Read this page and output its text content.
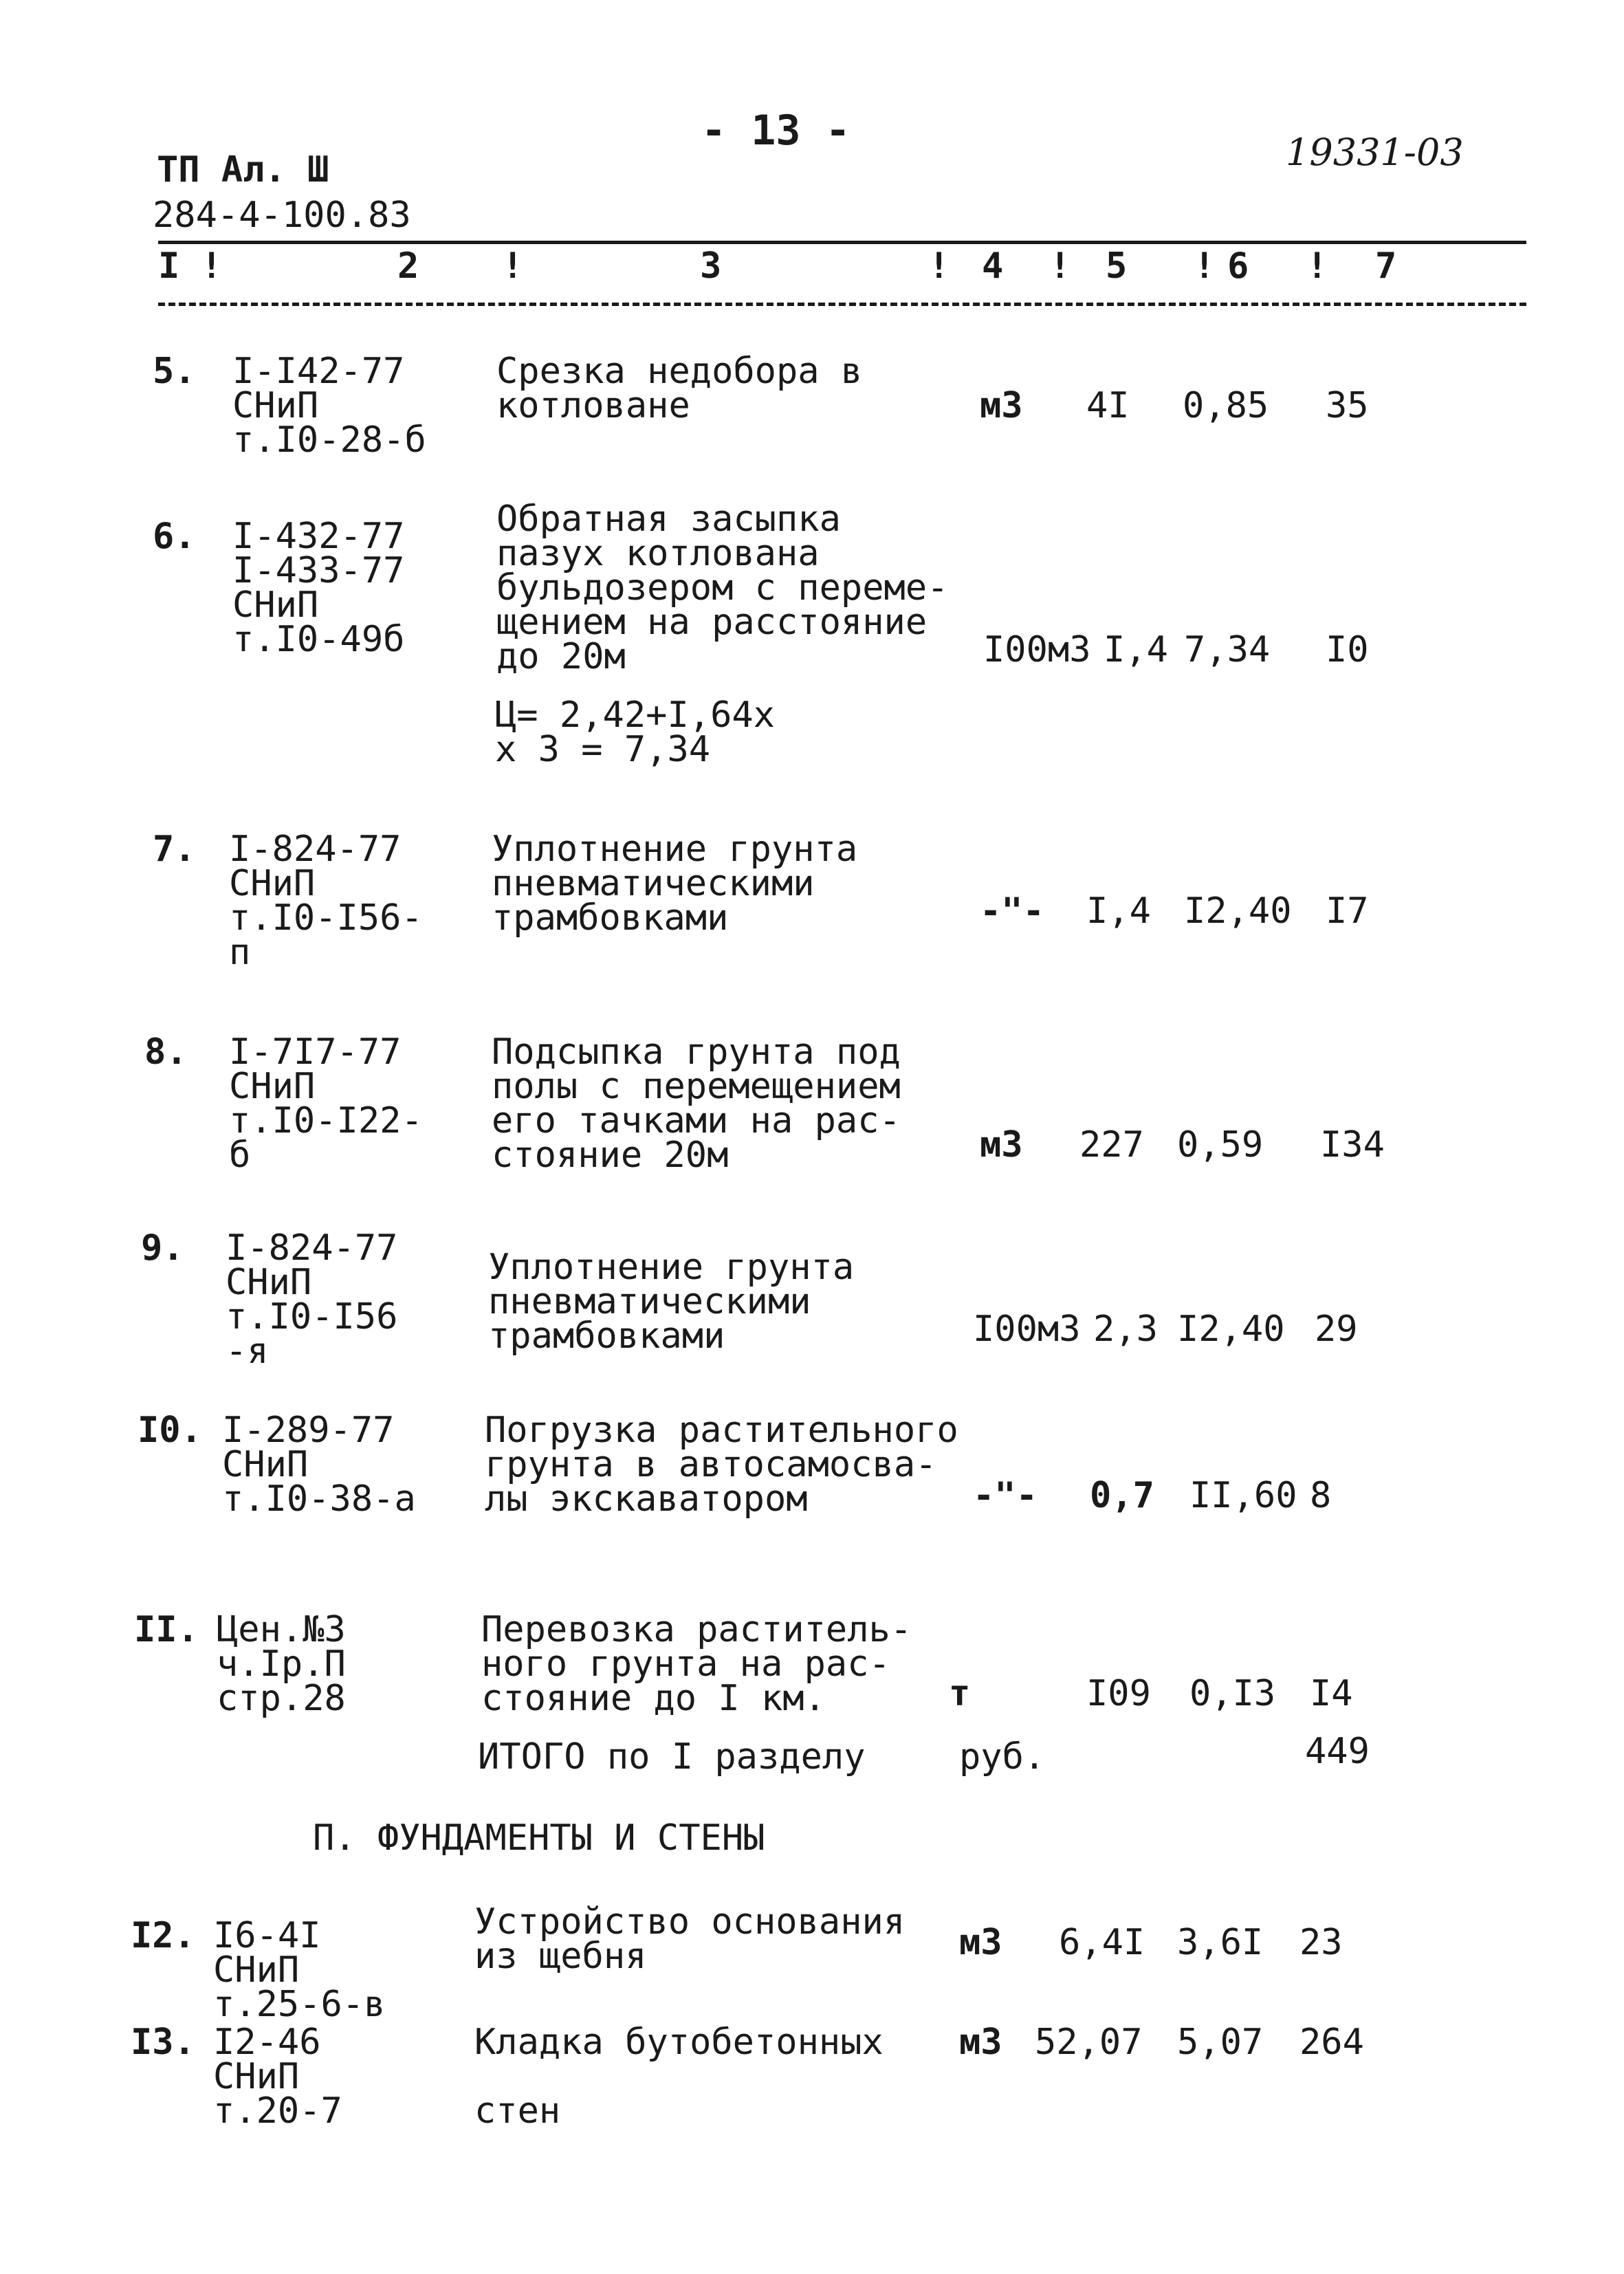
ТП Ал. Ш
284-4-100.83
- 13 -	19331-03
I !	2 !	3	! 4 ! 5 ! 6 ! 7
5. I-I42-77
СНиП
т.I0-28-б
Срезка недобора в
котловане	м3 4I 0,85 35
6. I-432-77
I-433-77
СНиП
т.I0-49б
Обратная засыпка
пазух котлована
бульдозером с переме-
щением на расстояние
до 20м	I00м3 I,4 7,34 I0
Ц= 2,42+I,64х
х 3 = 7,34
7. I-824-77
СНиП
т.I0-I56-
п
Уплотнение грунта
пневматическими
трамбовками	-"- I,4 I2,40 I7
8. I-7I7-77
СНиП
т.I0-I22-
б
Подсыпка грунта под
полы с перемещением
его тачками на рас-
стояние 20м	м3 227 0,59 I34
9. I-824-77
СНиП
т.I0-I56
-я
Уплотнение грунта
пневматическими
трамбовками	I00м3 2,3 I2,40 29
I0. I-289-77
СНиП
т.I0-38-а
Погрузка растительного
грунта в автосамосва-
лы экскаватором	-"- 0,7 II,60 8
II. Цен.№3
ч.Iр.П
стр.28
Перевозка раститель-
ного грунта на рас-
стояние до I км.	т	I09 0,I3 I4
ИТОГО по I разделу	руб.	449
П. ФУНДАМЕНТЫ И СТЕНЫ
I2. I6-4I
СНиП
т.25-6-в
Устройство основания
из щебня	м3 6,4I 3,6I 23
I3. I2-46
СНиП
т.20-7
Кладка бутобетонных

стен
м3 52,07 5,07 264
